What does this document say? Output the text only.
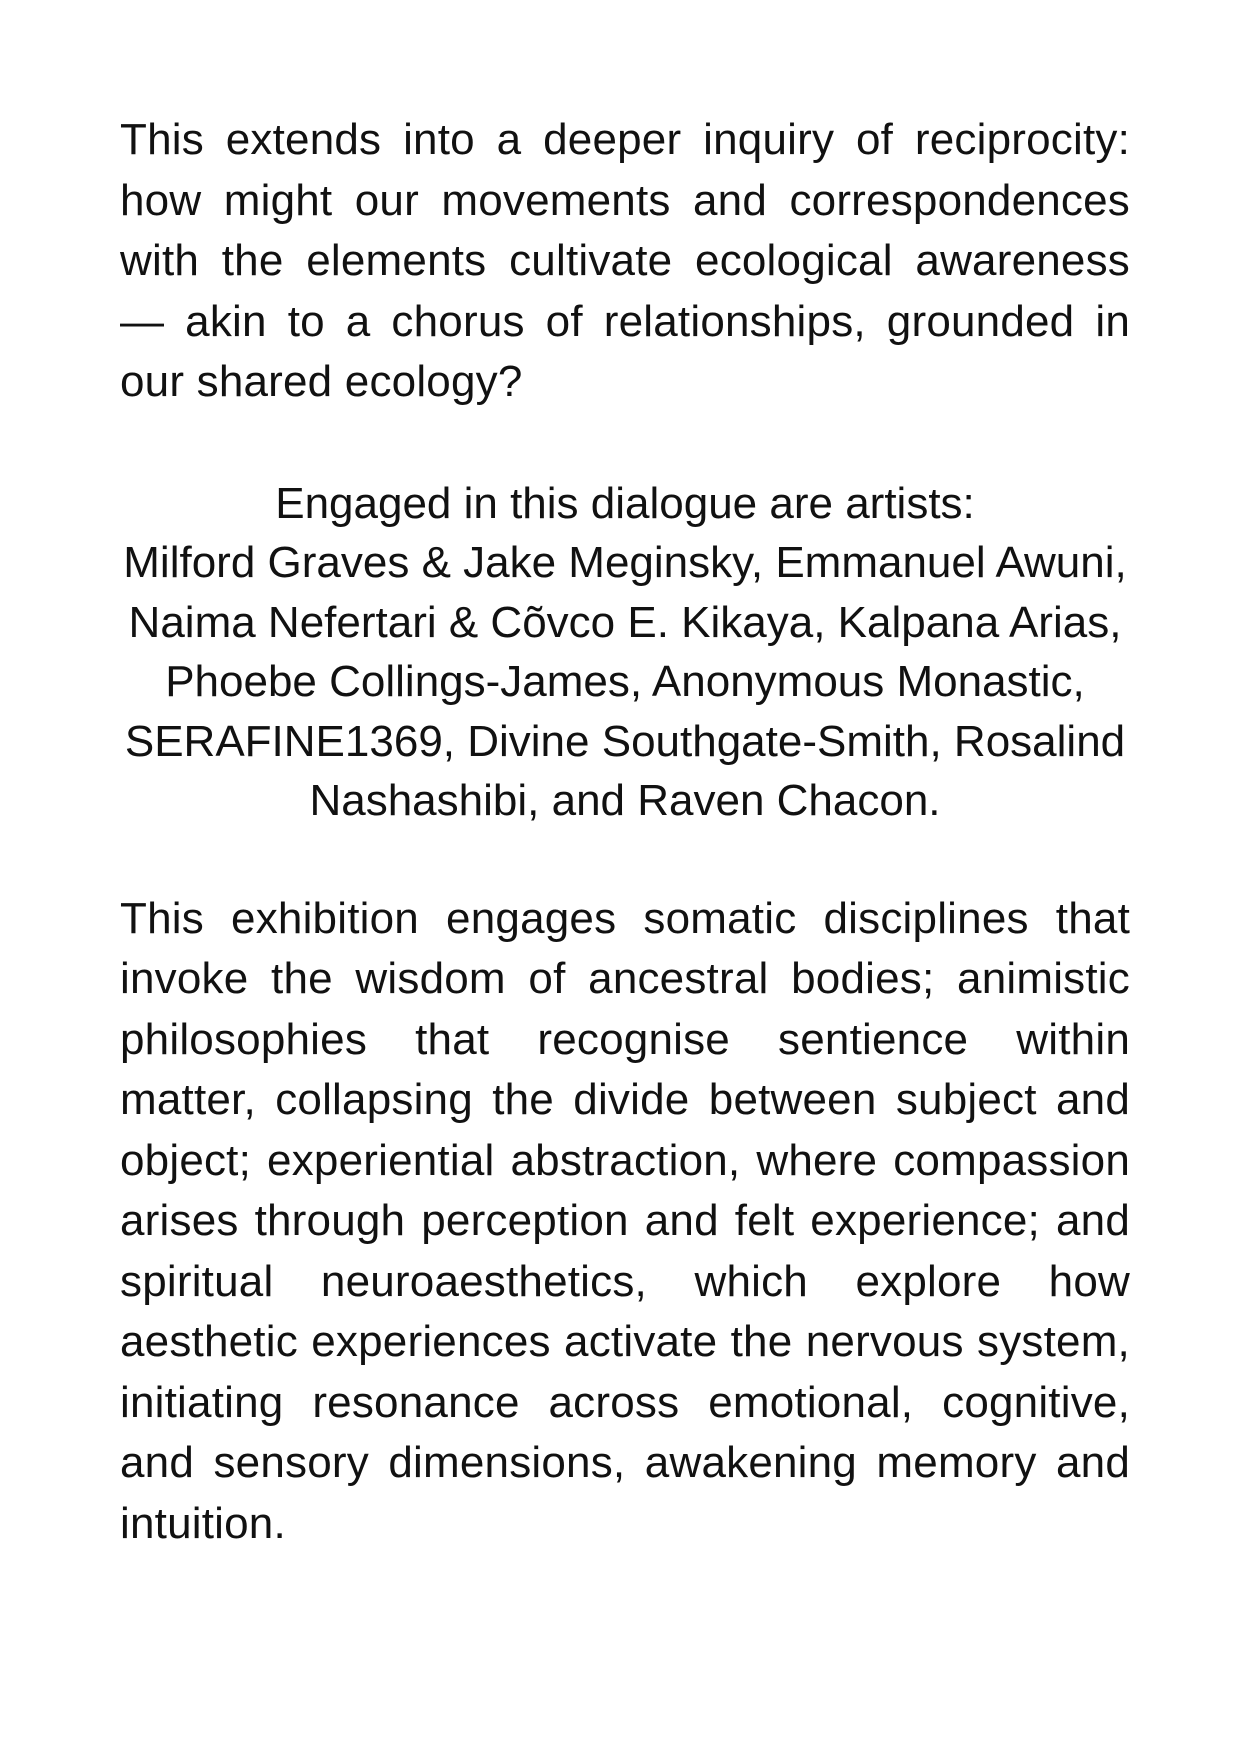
This extends into a deeper inquiry of reciprocity: how might our movements and correspondences with the elements cultivate ecological awareness — akin to a chorus of relationships, grounded in our shared ecology?

Engaged in this dialogue are artists:

Milford Graves & Jake Meginsky, Emmanuel Awuni, Naima Nefertari & Cõvco E. Kikaya, Kalpana Arias, Phoebe Collings-James, Anonymous Monastic, SERAFINE1369, Divine Southgate-Smith, Rosalind Nashashibi, and Raven Chacon.

This exhibition engages somatic disciplines that invoke the wisdom of ancestral bodies; animistic philosophies that recognise sentience within matter, collapsing the divide between subject and object; experiential abstraction, where compassion arises through perception and felt experience; and spiritual neuroaesthetics, which explore how aesthetic experiences activate the nervous system, initiating resonance across emotional, cognitive, and sensory dimensions, awakening memory and intuition.
